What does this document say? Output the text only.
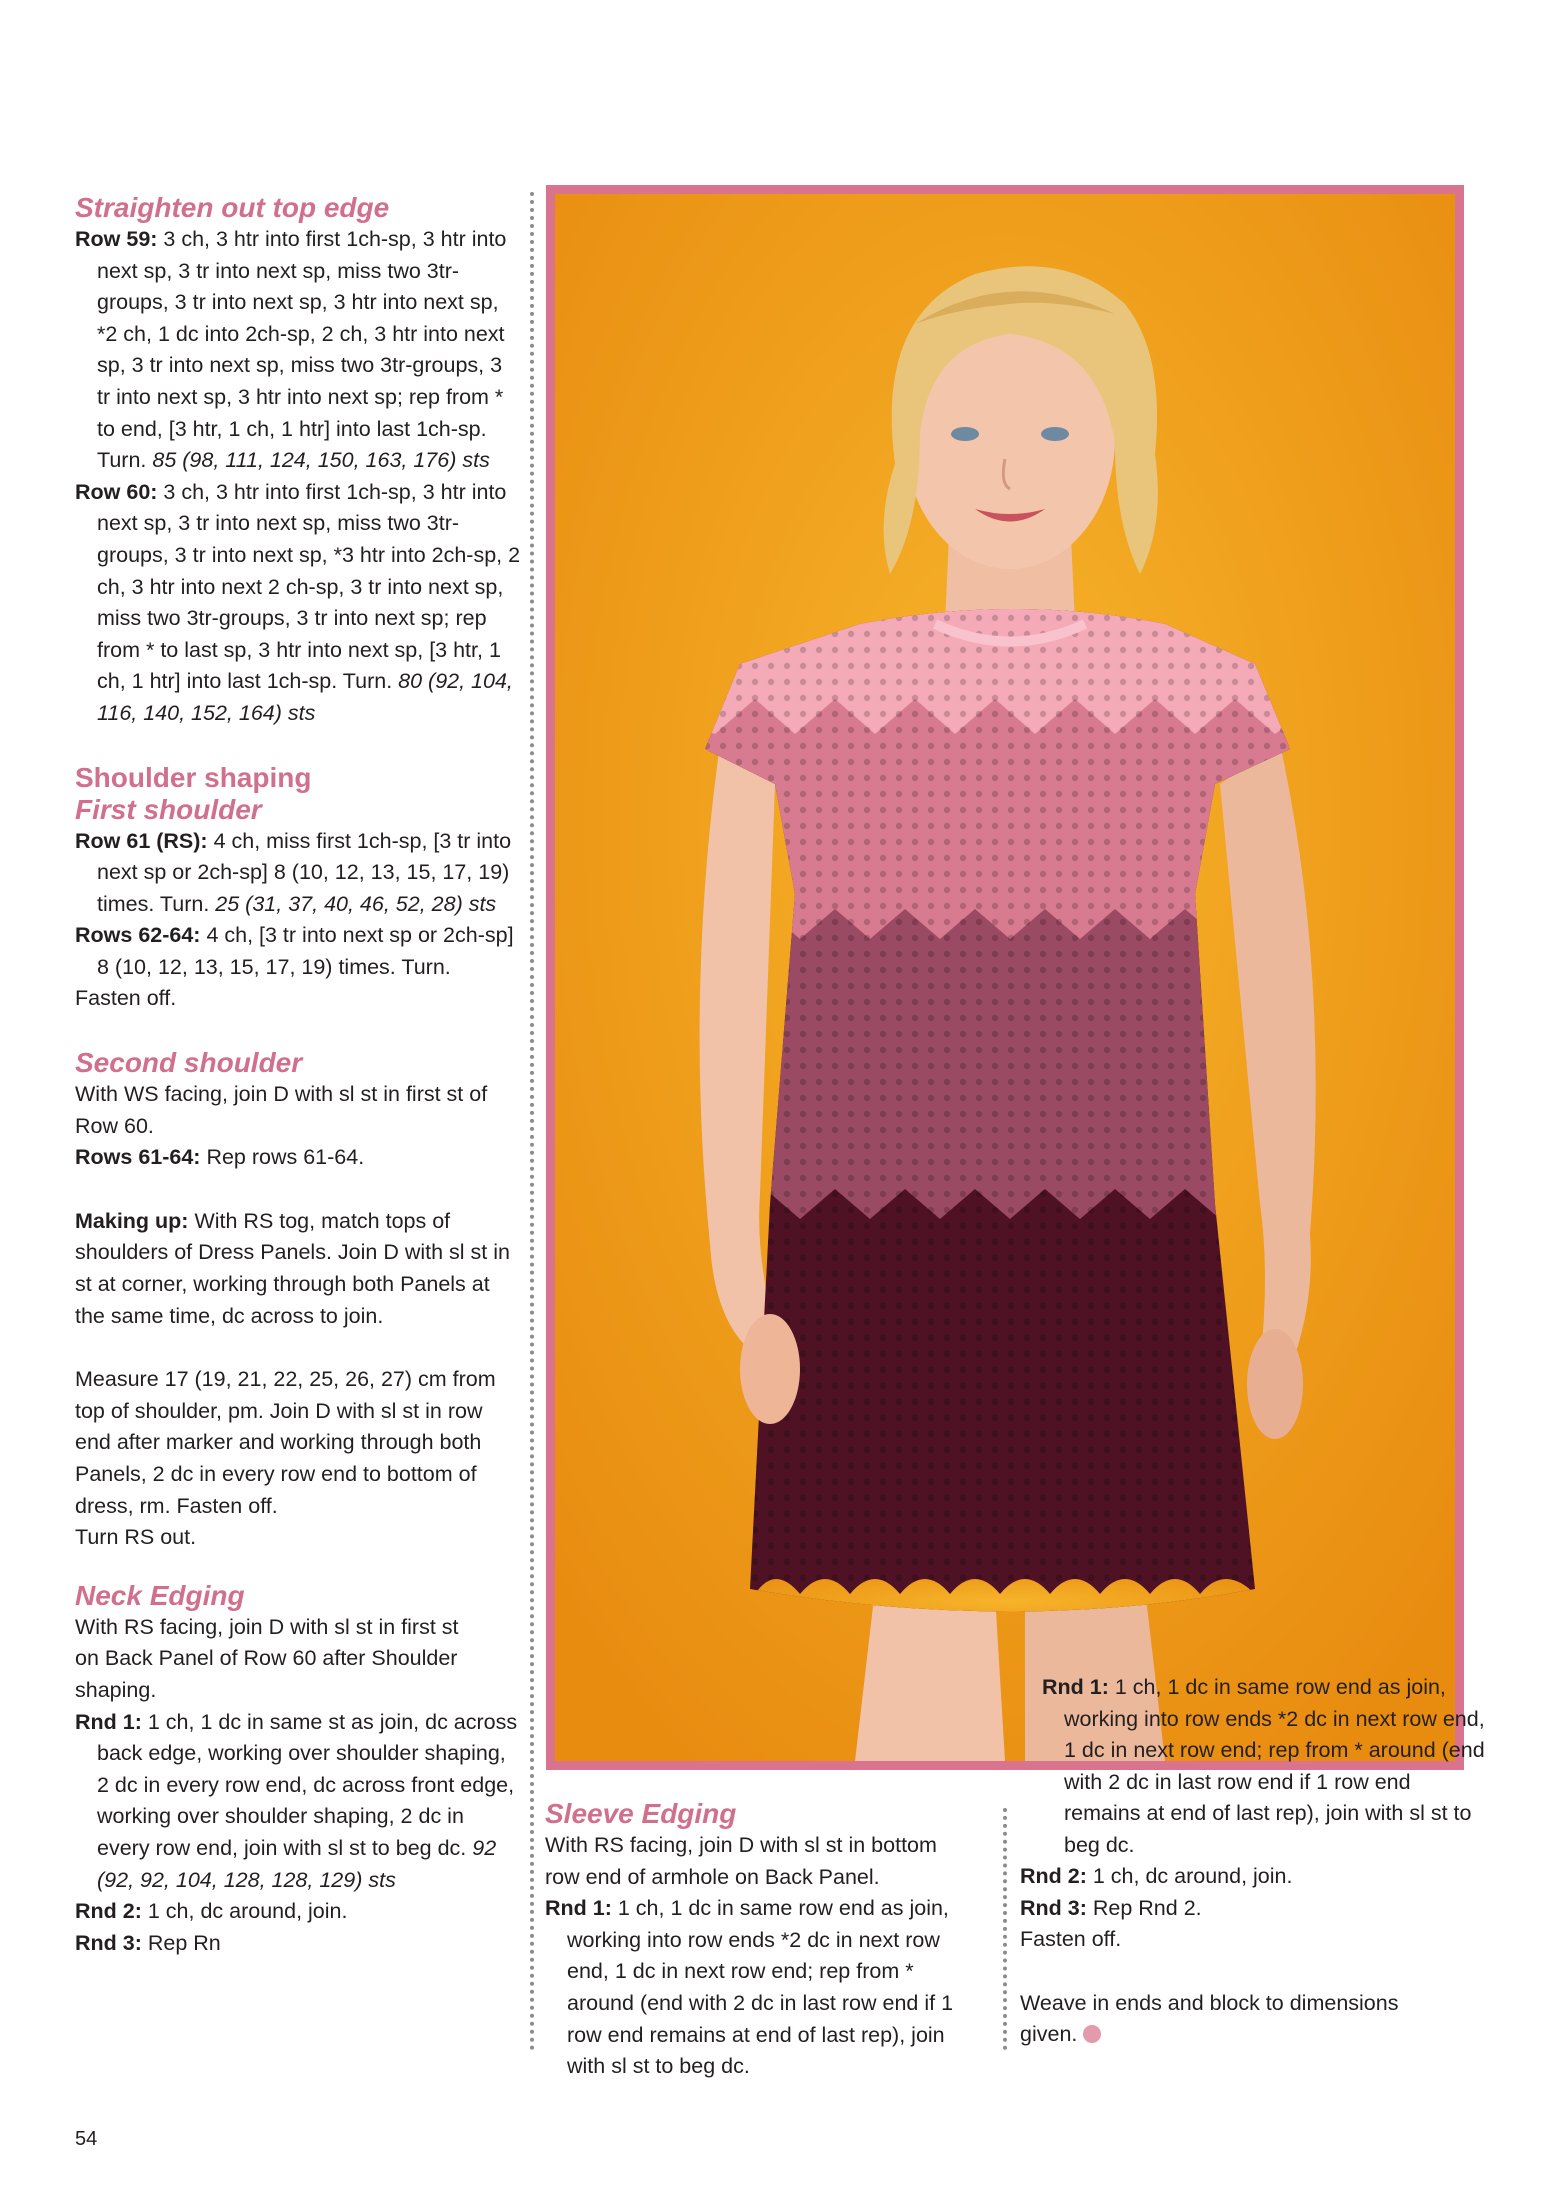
Straighten out top edge

Row 59: 3 ch, 3 htr into first 1ch-sp, 3 htr into next sp, 3 tr into next sp, miss two 3tr-groups, 3 tr into next sp, 3 htr into next sp, *2 ch, 1 dc into 2ch-sp, 2 ch, 3 htr into next sp, 3 tr into next sp, miss two 3tr-groups, 3 tr into next sp, 3 htr into next sp; rep from * to end, [3 htr, 1 ch, 1 htr] into last 1ch-sp. Turn. 85 (98, 111, 124, 150, 163, 176) sts

Row 60: 3 ch, 3 htr into first 1ch-sp, 3 htr into next sp, 3 tr into next sp, miss two 3tr-groups, 3 tr into next sp, *3 htr into 2ch-sp, 2 ch, 3 htr into next 2 ch-sp, 3 tr into next sp, miss two 3tr-groups, 3 tr into next sp; rep from * to last sp, 3 htr into next sp, [3 htr, 1 ch, 1 htr] into last 1ch-sp. Turn. 80 (92, 104, 116, 140, 152, 164) sts

Shoulder shaping

First shoulder

Row 61 (RS): 4 ch, miss first 1ch-sp, [3 tr into next sp or 2ch-sp] 8 (10, 12, 13, 15, 17, 19) times. Turn. 25 (31, 37, 40, 46, 52, 28) sts

Rows 62-64: 4 ch, [3 tr into next sp or 2ch-sp] 8 (10, 12, 13, 15, 17, 19) times. Turn.

Fasten off.

Second shoulder

With WS facing, join D with sl st in first st of Row 60.

Rows 61-64: Rep rows 61-64.

Making up: With RS tog, match tops of shoulders of Dress Panels. Join D with sl st in st at corner, working through both Panels at the same time, dc across to join.

Measure 17 (19, 21, 22, 25, 26, 27) cm from top of shoulder, pm. Join D with sl st in row end after marker and working through both Panels, 2 dc in every row end to bottom of dress, rm. Fasten off.

Turn RS out.

Neck Edging

With RS facing, join D with sl st in first st on Back Panel of Row 60 after Shoulder shaping.

Rnd 1: 1 ch, 1 dc in same st as join, dc across back edge, working over shoulder shaping, 2 dc in every row end, dc across front edge, working over shoulder shaping, 2 dc in every row end, join with sl st to beg dc. 92 (92, 92, 104, 128, 128, 129) sts

Rnd 2: 1 ch, dc around, join.

Rnd 3: Rep Rn

Sleeve Edging

With RS facing, join D with sl st in bottom row end of armhole on Back Panel.

Rnd 1: 1 ch, 1 dc in same row end as join, working into row ends *2 dc in next row end, 1 dc in next row end; rep from * around (end with 2 dc in last row end if 1 row end remains at end of last rep), join with sl st to beg dc.

Rnd 1: 1 ch, 1 dc in same row end as join, working into row ends *2 dc in next row end, 1 dc in next row end; rep from * around (end with 2 dc in last row end if 1 row end remains at end of last rep), join with sl st to beg dc.

Rnd 2: 1 ch, dc around, join.

Rnd 3: Rep Rnd 2.

Fasten off.

Weave in ends and block to dimensions given.

54
